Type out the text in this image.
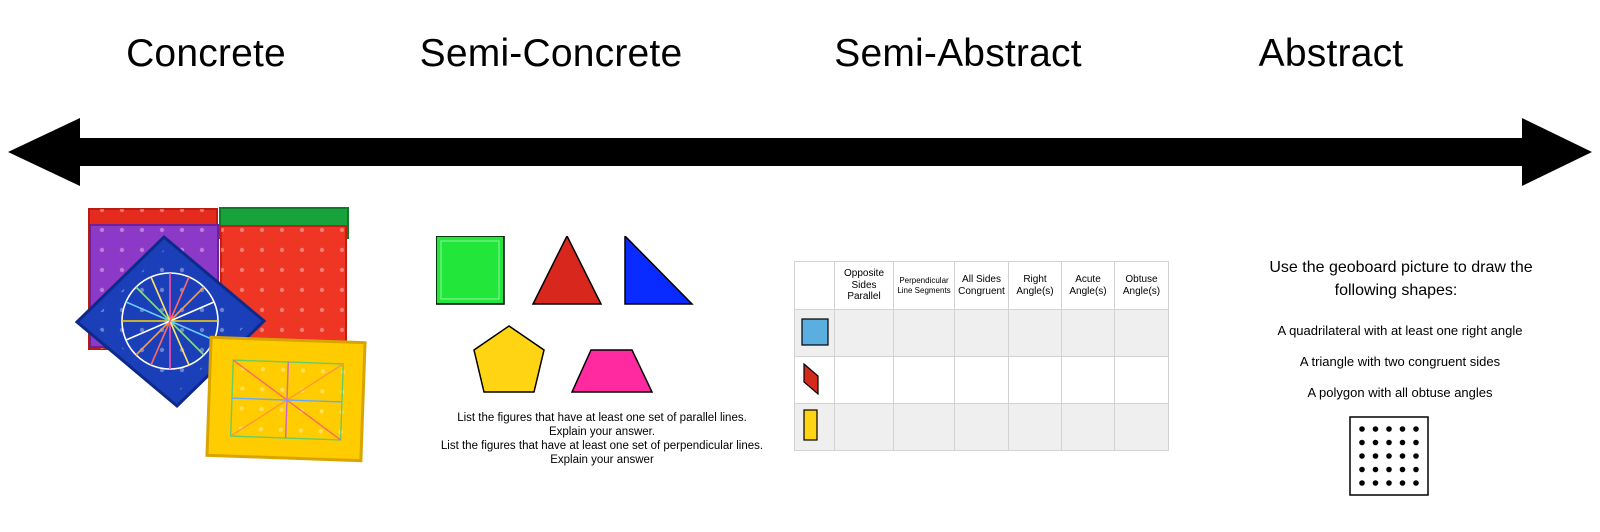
Concrete	Semi-Concrete	Semi-Abstract	Abstract
List the figures that have at least one set of parallel lines.
Explain your answer.
List the figures that have at least one set of perpendicular lines.
Explain your answer
	Opposite Sides Parallel	Perpendicular Line Segments	All Sides Congruent	Right Angle(s)	Acute Angle(s)	Obtuse Angle(s)

Use the geoboard picture to draw the
following shapes:
A quadrilateral with at least one right angle
A triangle with two congruent sides
A polygon with all obtuse angles
